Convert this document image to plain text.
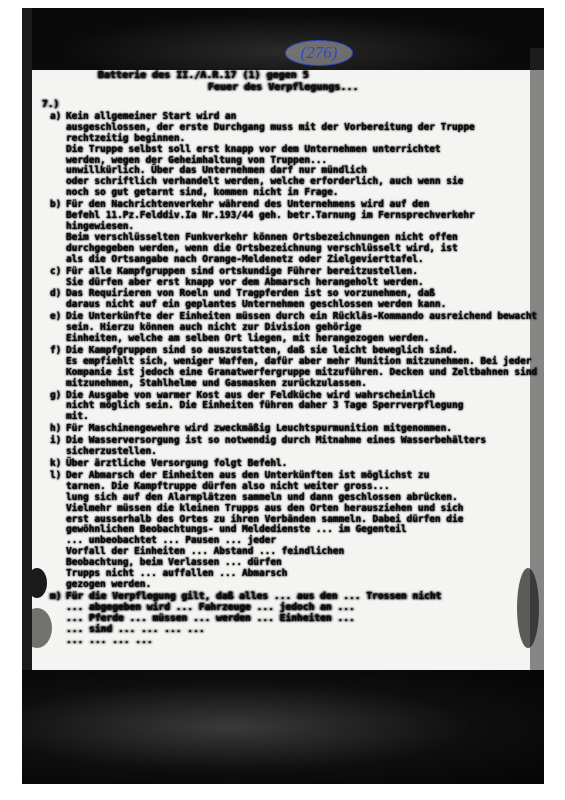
(276)
Batterie des II./A.R.17 (1) gegen 5
Feuer des Verpflegungs...
7.)
a) Kein allgemeiner Start wird an
ausgeschlossen, der erste Durchgang muss mit der Vorbereitung der Truppe rechtzeitig beginnen.
Die Truppe selbst soll erst knapp vor dem Unternehmen unterrichtet
werden, wegen der Geheimhaltung von Truppen...
unwillkürlich. Über das Unternehmen darf nur mündlich
oder schriftlich verhandelt werden, welche erforderlich, auch wenn sie
noch so gut getarnt sind, kommen nicht in Frage.
b) Für den Nachrichtenverkehr während des Unternehmens wird auf den
Befehl 11.Pz.Felddiv.Ia Nr.193/44 geh. betr.Tarnung im Fernsprechverkehr hingewiesen.
Beim verschlüsselten Funkverkehr können Ortsbezeichnungen nicht offen
durchgegeben werden, wenn die Ortsbezeichnung verschlüsselt wird, ist
als die Ortsangabe nach Orange-Meldenetz oder Zielgevierttafel.
c) Für alle Kampfgruppen sind ortskundige Führer bereitzustellen.
Sie dürfen aber erst knapp vor dem Abmarsch herangeholt werden.
d) Das Requirieren von Roeln und Tragpferden ist so vorzunehmen, daß
daraus nicht auf ein geplantes Unternehmen geschlossen werden kann.
e) Die Unterkünfte der Einheiten müssen durch ein Rückläs-Kommando ausreichend bewacht sein. Hierzu können auch nicht zur Division gehörige
Einheiten, welche am selben Ort liegen, mit herangezogen werden.
f) Die Kampfgruppen sind so auszustatten, daß sie leicht beweglich sind.
Es empfiehlt sich, weniger Waffen, dafür aber mehr Munition mitzunehmen. Bei jeder Kompanie ist jedoch eine Granatwerfergruppe mitzuführen. Decken und Zeltbahnen sind mitzunehmen, Stahlhelme und Gasmasken zurückzulassen.
g) Die Ausgabe von warmer Kost aus der Feldküche wird wahrscheinlich
nicht möglich sein. Die Einheiten führen daher 3 Tage Sperrverpflegung
mit.
h) Für Maschinengewehre wird zweckmäßig Leuchtspurmunition mitgenommen.
i) Die Wasserversorgung ist so notwendig durch Mitnahme eines Wasserbehälters sicherzustellen.
k) Über ärztliche Versorgung folgt Befehl.
l) Der Abmarsch der Einheiten aus den Unterkünften ist möglichst zu
tarnen. Die Kampftruppe dürfen also nicht weiter gross...
lung sich auf den Alarmplätzen sammeln und dann geschlossen abrücken.
Vielmehr müssen die kleinen Trupps aus den Orten herausziehen und sich
erst ausserhalb des Ortes zu ihren Verbänden sammeln. Dabei dürfen die
gewöhnlichen Beobachtungs- und Meldedienste ... im Gegenteil
... unbeobachtet ... Pausen ... jeder
Vorfall der Einheiten ... Abstand ... feindlichen
Beobachtung, beim Verlassen ... dürfen
Trupps nicht ... auffallen ... Abmarsch
gezogen werden.
m) Für die Verpflegung gilt, daß alles ... aus den ... Trossen nicht
... abgegeben wird ... Fahrzeuge ... jedoch an ...
... Pferde ... müssen ... werden ... Einheiten ...
... sind ... ... ... ...
... ... ... ...
